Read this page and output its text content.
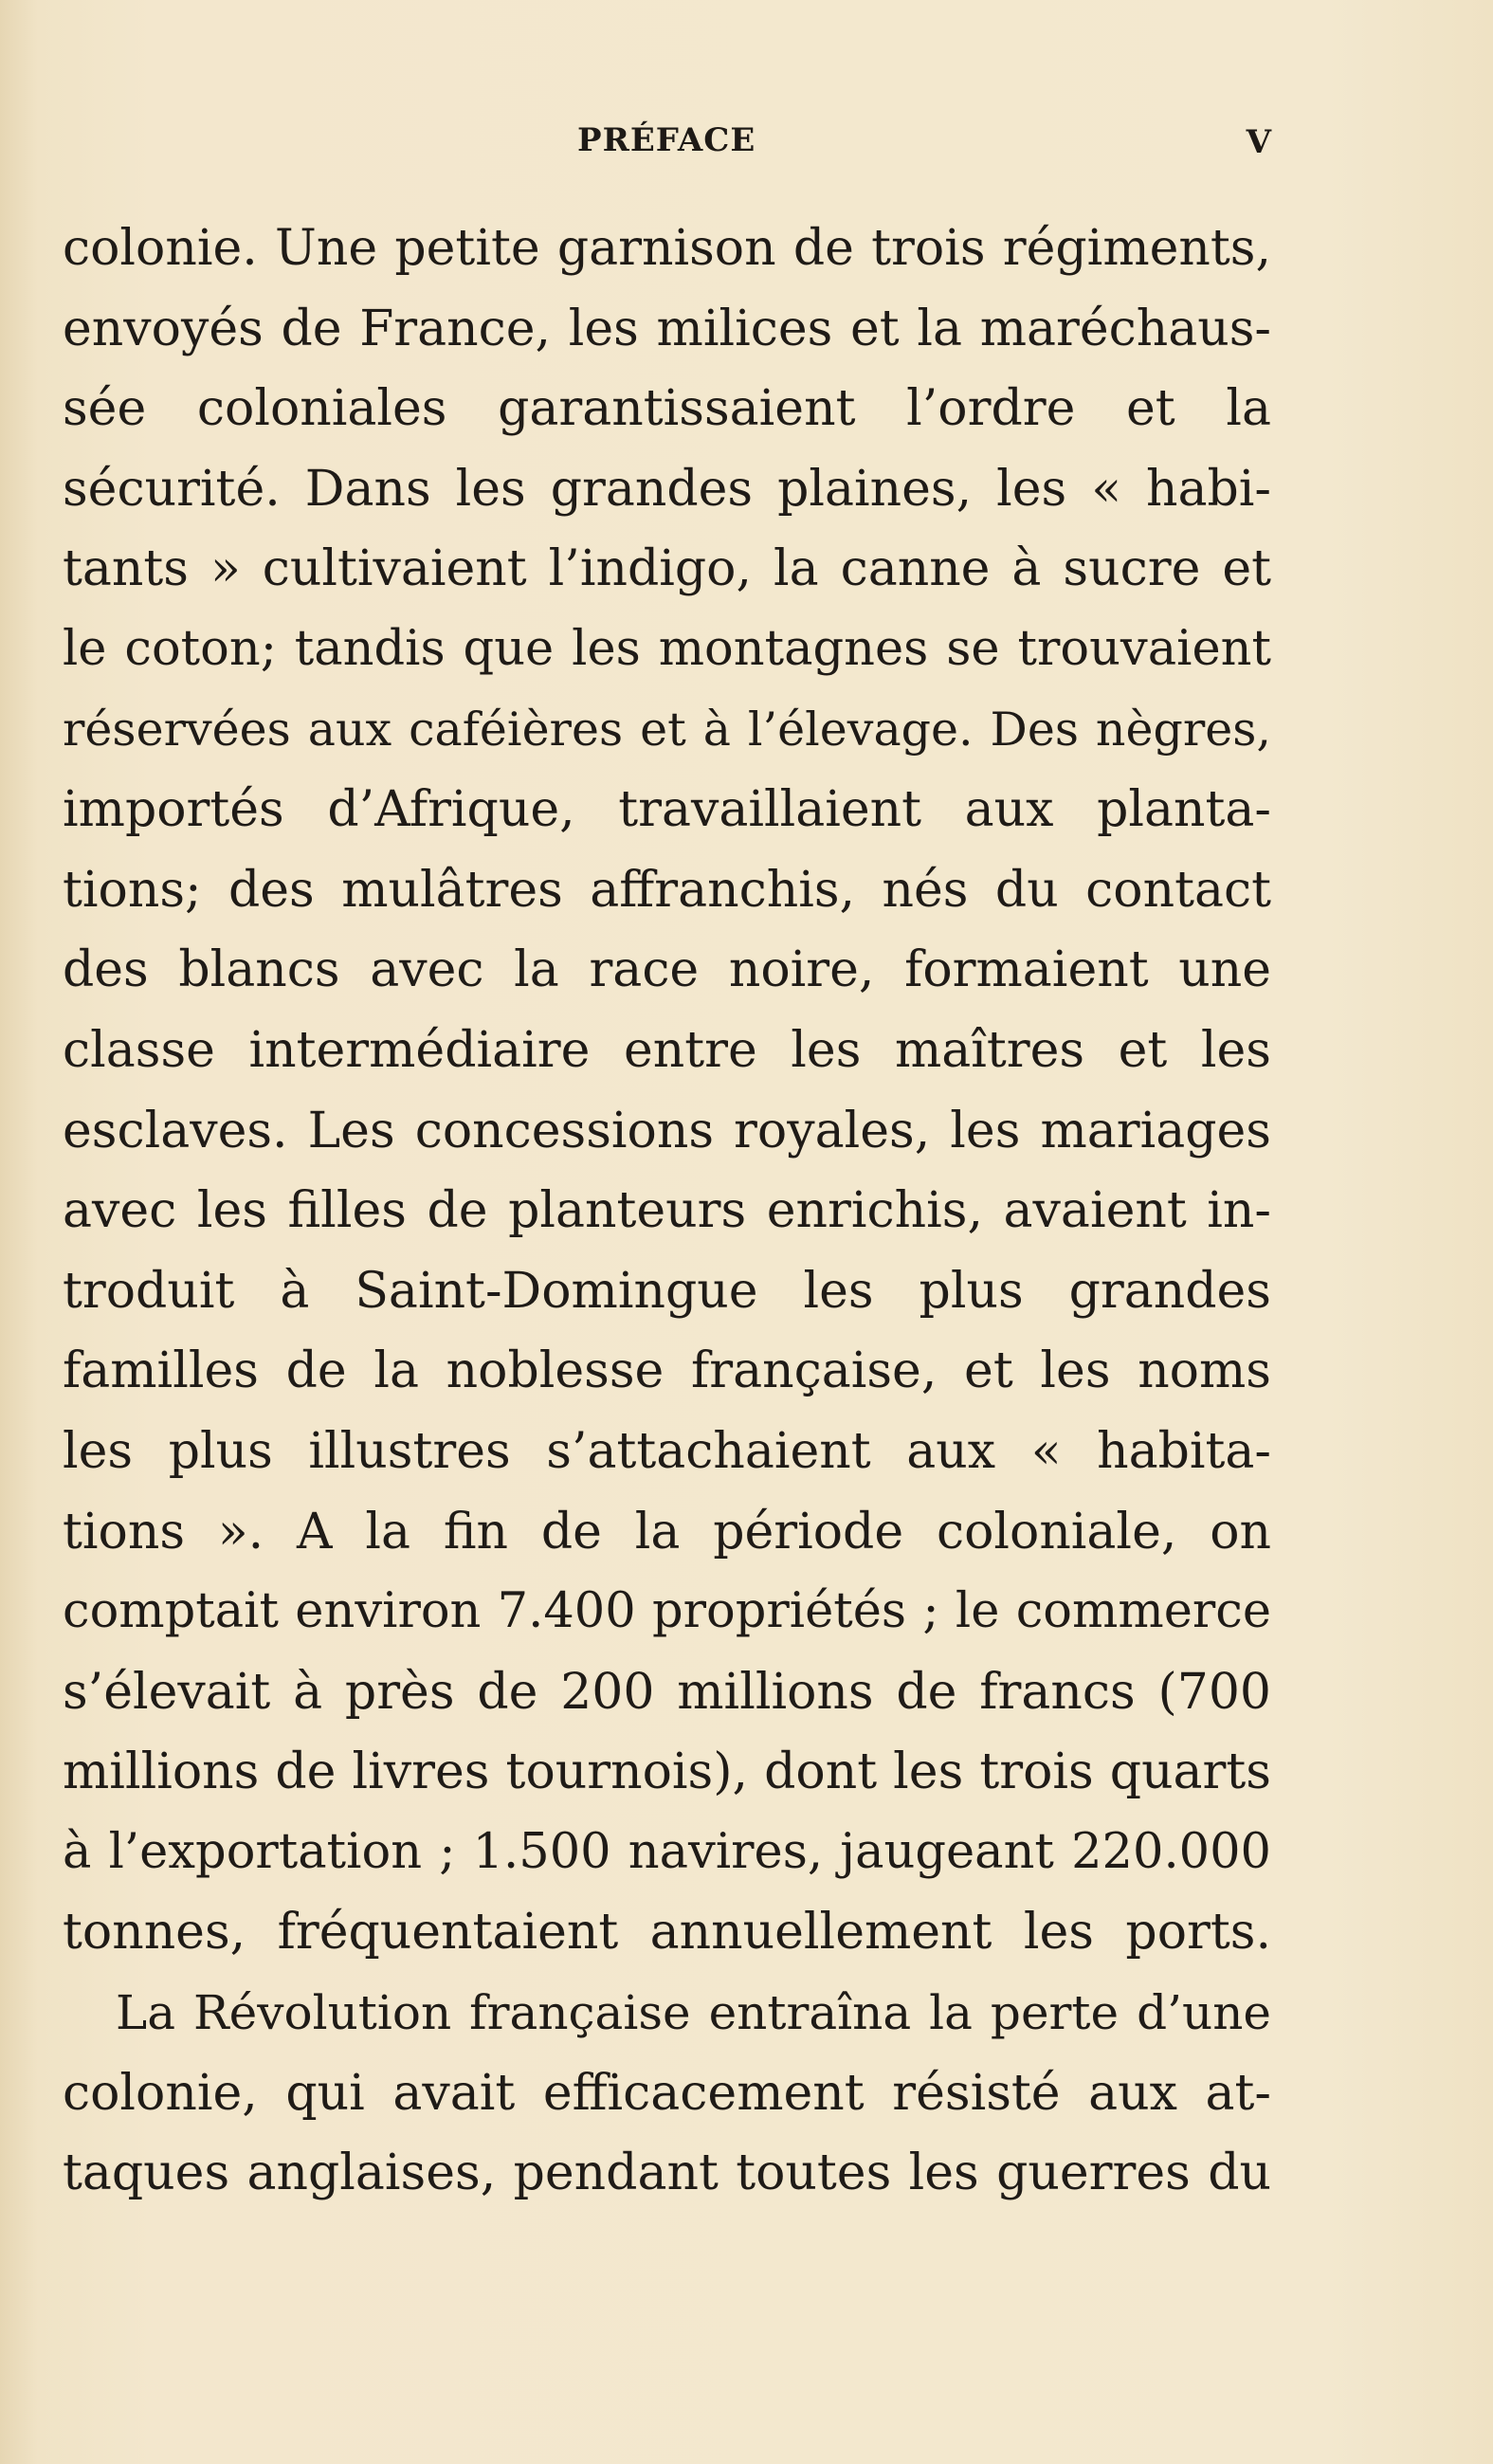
PRÉFACE	V
colonie. Une petite garnison de trois régiments,
envoyés de France, les milices et la maréchaus-
sée coloniales garantissaient l’ordre et la
sécurité. Dans les grandes plaines, les « habi-
tants » cultivaient l’indigo, la canne à sucre et
le coton; tandis que les montagnes se trouvaient
réservées aux caféières et à l’élevage. Des nègres,
importés d’Afrique, travaillaient aux planta-
tions; des mulâtres affranchis, nés du contact
des blancs avec la race noire, formaient une
classe intermédiaire entre les maîtres et les
esclaves. Les concessions royales, les mariages
avec les filles de planteurs enrichis, avaient in-
troduit à Saint-Domingue les plus grandes
familles de la noblesse française, et les noms
les plus illustres s’attachaient aux « habita-
tions ». A la fin de la période coloniale, on
comptait environ 7.400 propriétés ; le commerce
s’élevait à près de 200 millions de francs (700
millions de livres tournois), dont les trois quarts
à l’exportation ; 1.500 navires, jaugeant 220.000
tonnes, fréquentaient annuellement les ports.
La Révolution française entraîna la perte d’une
colonie, qui avait efficacement résisté aux at-
taques anglaises, pendant toutes les guerres du
